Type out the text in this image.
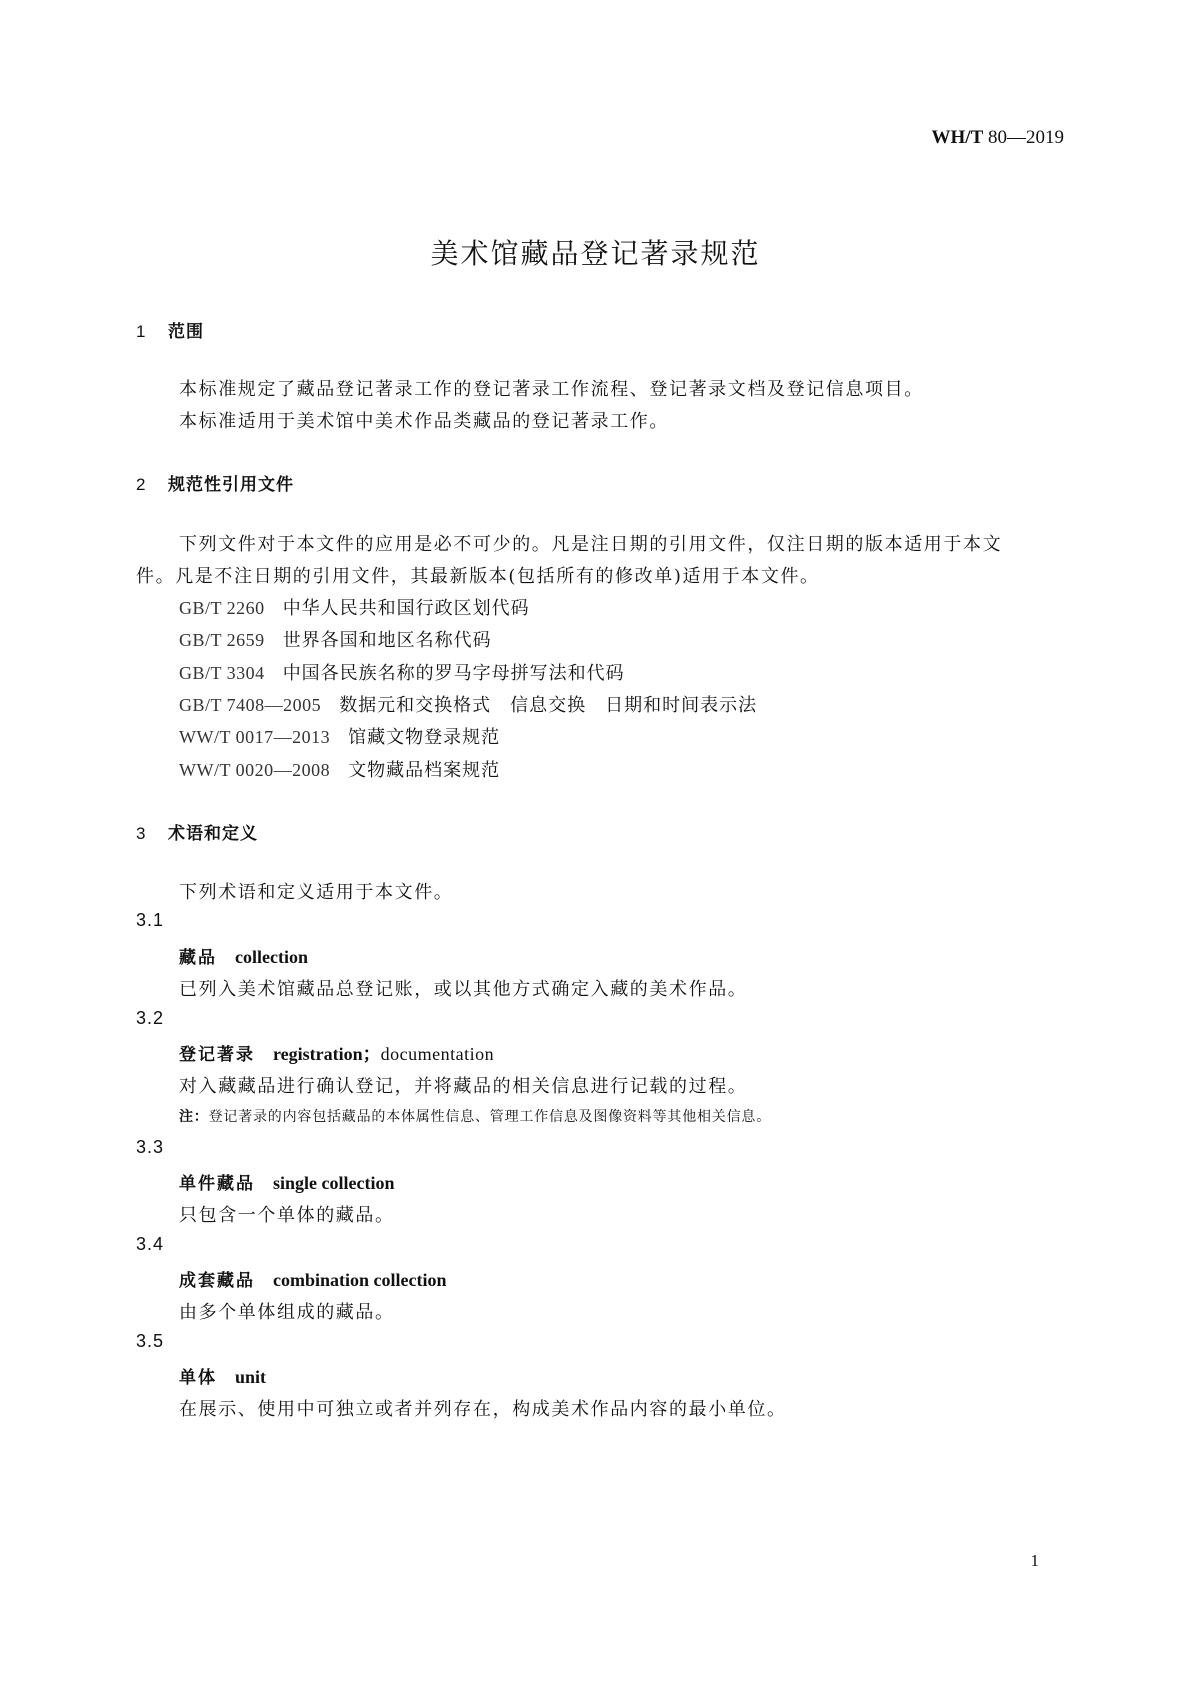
WH/T 80—2019
美术馆藏品登记著录规范
1 范围
本标准规定了藏品登记著录工作的登记著录工作流程、登记著录文档及登记信息项目。
本标准适用于美术馆中美术作品类藏品的登记著录工作。
2 规范性引用文件
下列文件对于本文件的应用是必不可少的。凡是注日期的引用文件，仅注日期的版本适用于本文
件。凡是不注日期的引用文件，其最新版本(包括所有的修改单)适用于本文件。
GB/T 2260 中华人民共和国行政区划代码
GB/T 2659 世界各国和地区名称代码
GB/T 3304 中国各民族名称的罗马字母拼写法和代码
GB/T 7408—2005 数据元和交换格式　信息交换　日期和时间表示法
WW/T 0017—2013 馆藏文物登录规范
WW/T 0020—2008 文物藏品档案规范
3 术语和定义
下列术语和定义适用于本文件。
3.1
藏品 collection
已列入美术馆藏品总登记账，或以其他方式确定入藏的美术作品。
3.2
登记著录 registration；documentation
对入藏藏品进行确认登记，并将藏品的相关信息进行记载的过程。
注：登记著录的内容包括藏品的本体属性信息、管理工作信息及图像资料等其他相关信息。
3.3
单件藏品 single collection
只包含一个单体的藏品。
3.4
成套藏品 combination collection
由多个单体组成的藏品。
3.5
单体 unit
在展示、使用中可独立或者并列存在，构成美术作品内容的最小单位。
1
